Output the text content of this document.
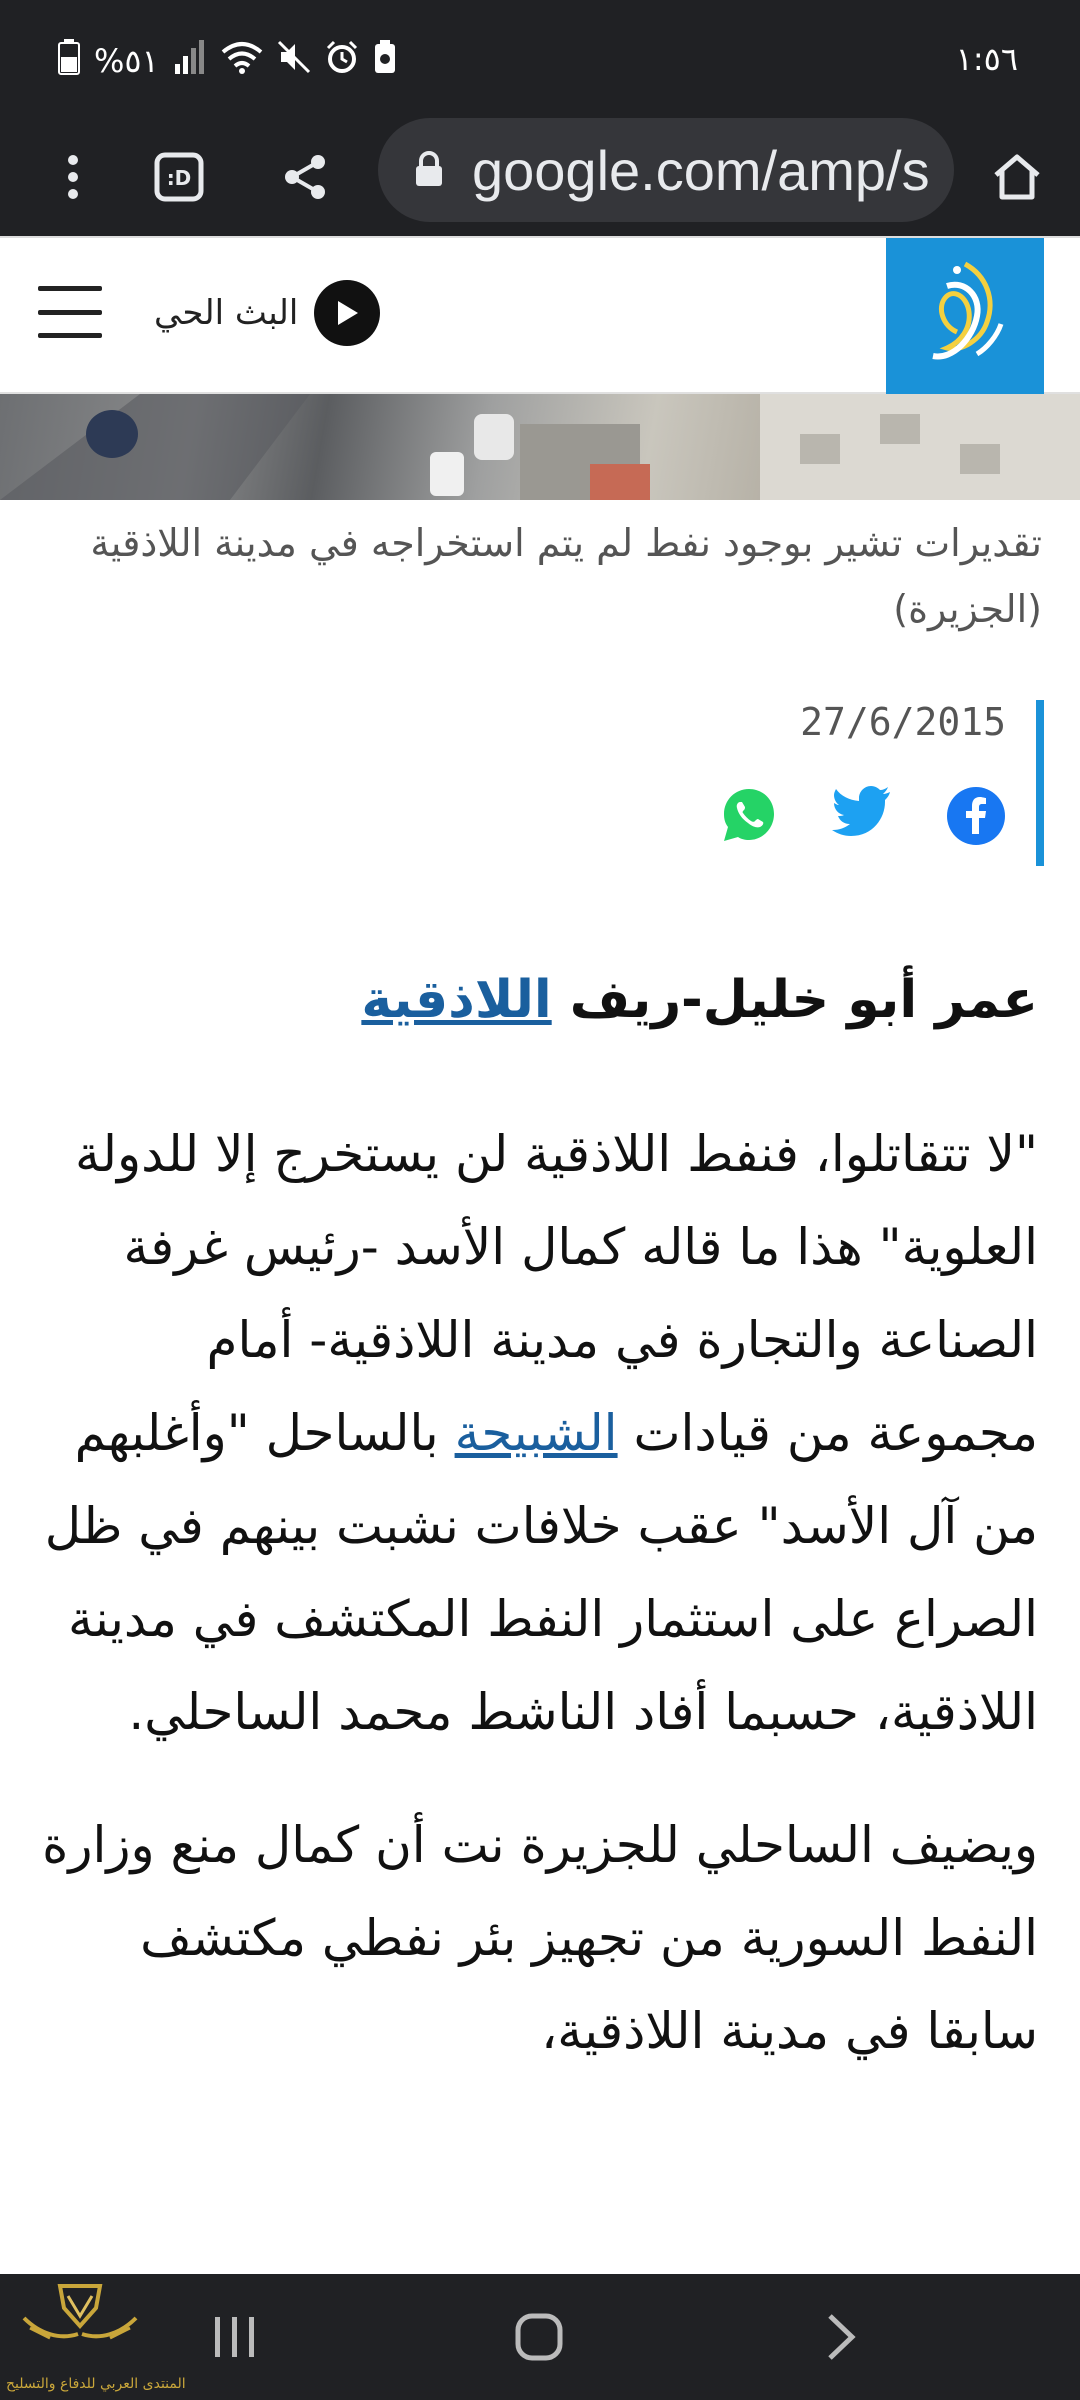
%٥١	١:٥٦
:D	google.com/amp/s
البث الحي
تقديرات تشير بوجود نفط لم يتم استخراجه في مدينة اللاذقية (الجزيرة)
27/6/2015
عمر أبو خليل-ريف اللاذقية

"لا تتقاتلوا، فنفط اللاذقية لن يستخرج إلا للدولة العلوية" هذا ما قاله كمال الأسد -رئيس غرفة الصناعة والتجارة في مدينة اللاذقية- أمام مجموعة من قيادات الشبيحة بالساحل "وأغلبهم من آل الأسد" عقب خلافات نشبت بينهم في ظل الصراع على استثمار النفط المكتشف في مدينة اللاذقية، حسبما أفاد الناشط محمد الساحلي.

ويضيف الساحلي للجزيرة نت أن كمال منع وزارة النفط السورية من تجهيز بئر نفطي مكتشف سابقا في مدينة اللاذقية،

المنتدى العربي للدفاع والتسليح
